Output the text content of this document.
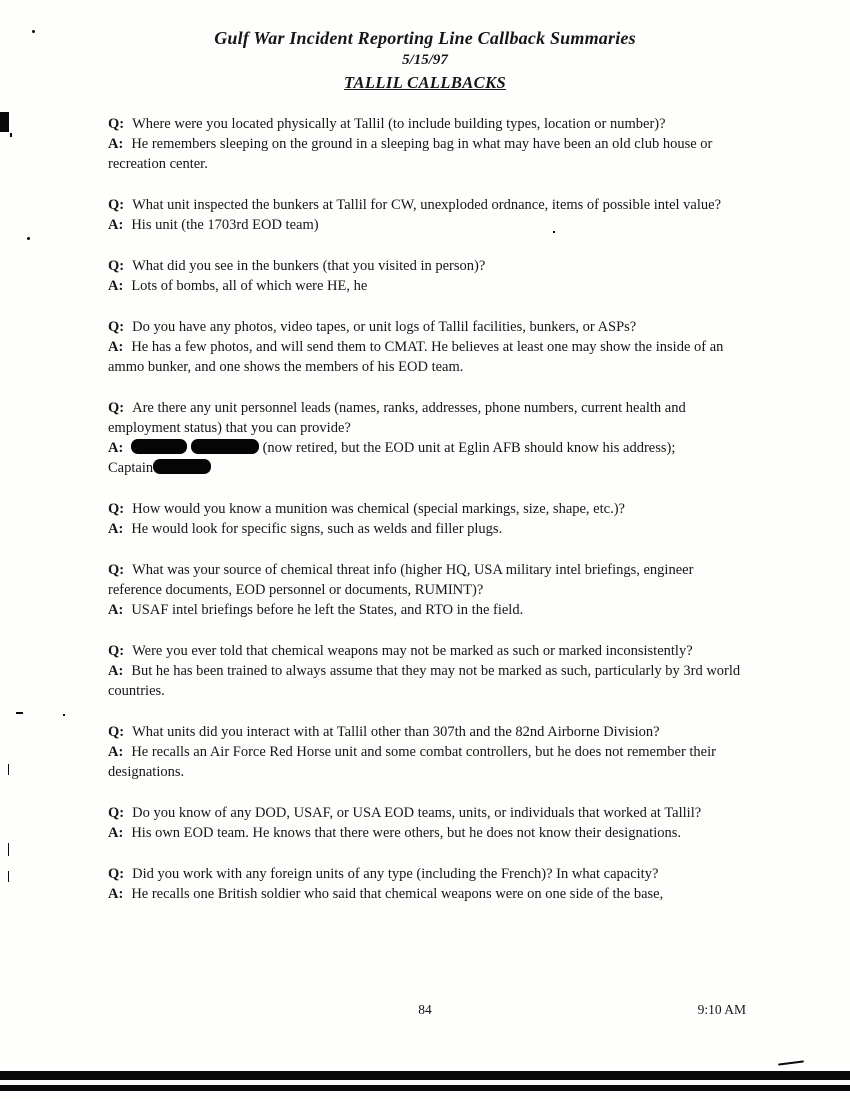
Gulf War Incident Reporting Line Callback Summaries
5/15/97
TALLIL CALLBACKS
Q: Where were you located physically at Tallil (to include building types, location or number)?
A: He remembers sleeping on the ground in a sleeping bag in what may have been an old club house or recreation center.
Q: What unit inspected the bunkers at Tallil for CW, unexploded ordnance, items of possible intel value?
A: His unit (the 1703rd EOD team)
Q: What did you see in the bunkers (that you visited in person)?
A: Lots of bombs, all of which were HE, he
Q: Do you have any photos, video tapes, or unit logs of Tallil facilities, bunkers, or ASPs?
A: He has a few photos, and will send them to CMAT. He believes at least one may show the inside of an ammo bunker, and one shows the members of his EOD team.
Q: Are there any unit personnel leads (names, ranks, addresses, phone numbers, current health and employment status) that you can provide?
A:	(now retired, but the EOD unit at Eglin AFB should know his address);
Captain
Q: How would you know a munition was chemical (special markings, size, shape, etc.)?
A: He would look for specific signs, such as welds and filler plugs.
Q: What was your source of chemical threat info (higher HQ, USA military intel briefings, engineer reference documents, EOD personnel or documents, RUMINT)?
A: USAF intel briefings before he left the States, and RTO in the field.
Q: Were you ever told that chemical weapons may not be marked as such or marked inconsistently?
A: But he has been trained to always assume that they may not be marked as such, particularly by 3rd world countries.
Q: What units did you interact with at Tallil other than 307th and the 82nd Airborne Division?
A: He recalls an Air Force Red Horse unit and some combat controllers, but he does not remember their designations.
Q: Do you know of any DOD, USAF, or USA EOD teams, units, or individuals that worked at Tallil?
A: His own EOD team. He knows that there were others, but he does not know their designations.
Q: Did you work with any foreign units of any type (including the French)? In what capacity?
A: He recalls one British soldier who said that chemical weapons were on one side of the base,
84	9:10 AM
